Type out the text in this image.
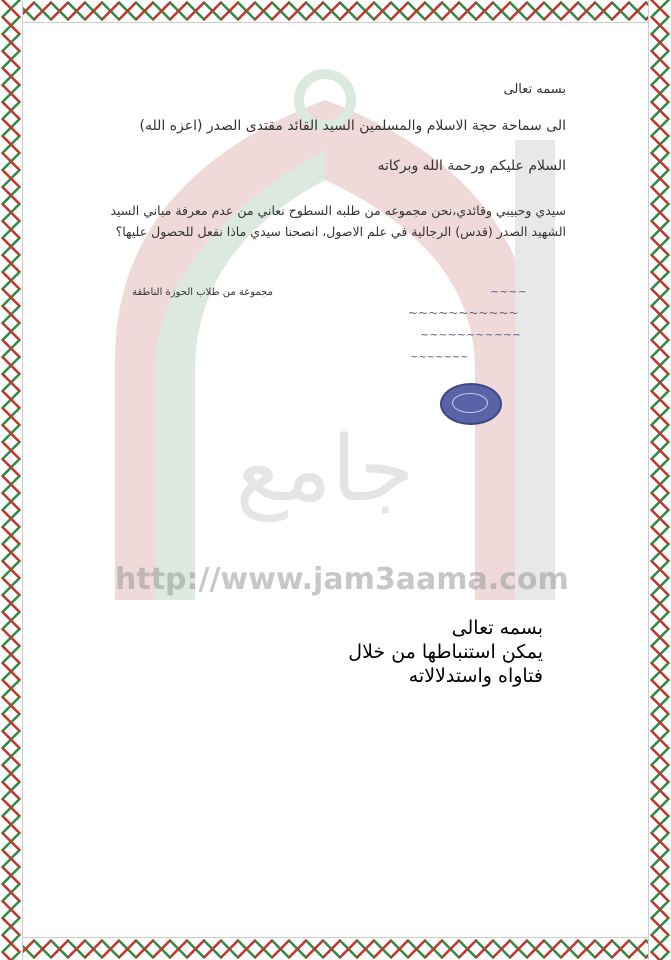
جامع
http://www.jam3aama.com
بسمه تعالى
الى سماحة حجة الاسلام والمسلمين السيد القائد مقتدى الصدر (اعزه الله)
السلام عليكم ورحمة الله وبركاته
سيدي وحبيبي وقائدي،نحن مجموعه من طلبه السطوح نعاني من عدم معرفة مباني السيد الشهيد الصدر (قدس) الرجالية في علم الاصول، انصحنا سيدي ماذا نفعل للحصول عليها؟
مجموعة من طلاب الحوزة الناطقة	~~~~
~~~~~~~~~~~
~~~~~~~~~~~
~~~~~~~
بسمه تعالى
يمكن استنباطها من خلال
فتاواه واستدلالاته
